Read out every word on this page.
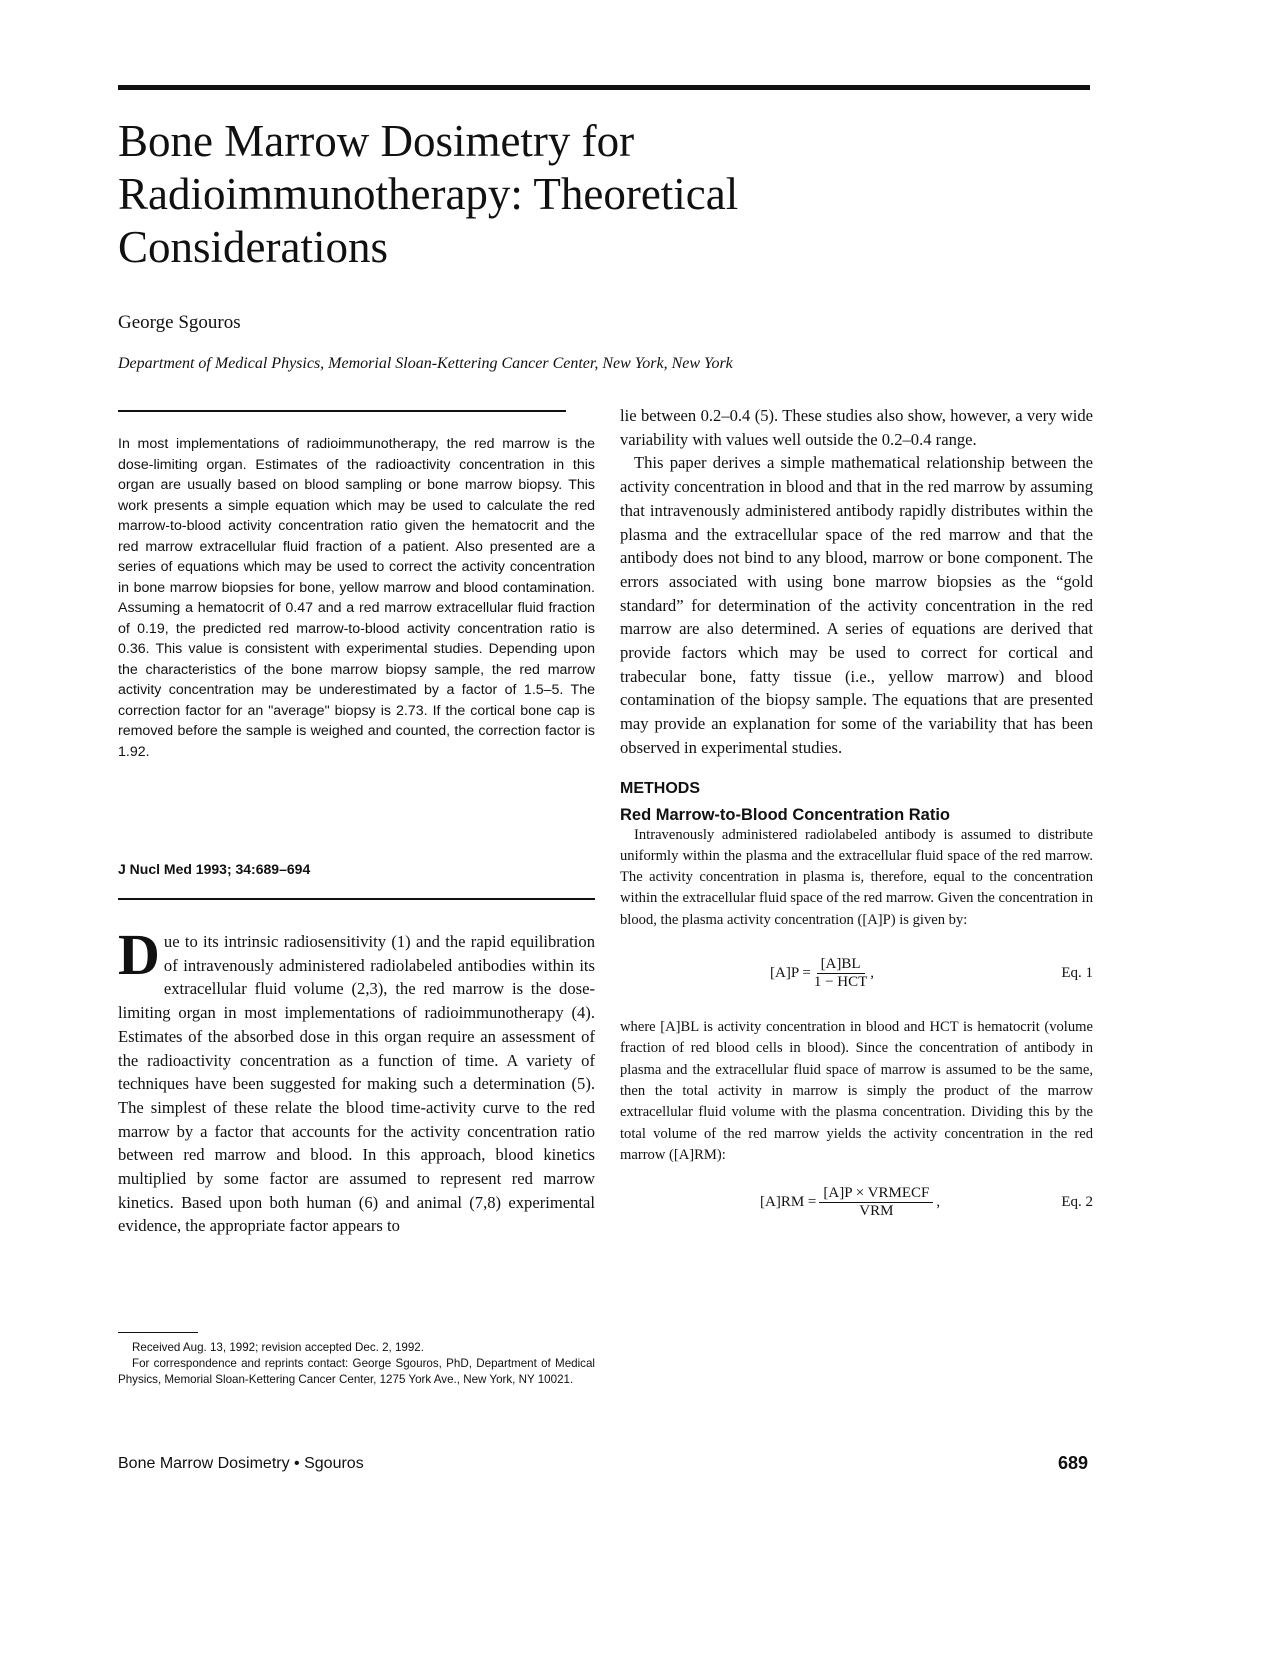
Bone Marrow Dosimetry for Radioimmunotherapy: Theoretical Considerations
George Sgouros
Department of Medical Physics, Memorial Sloan-Kettering Cancer Center, New York, New York

In most implementations of radioimmunotherapy, the red marrow is the dose-limiting organ. Estimates of the radioactivity concentration in this organ are usually based on blood sampling or bone marrow biopsy. This work presents a simple equation which may be used to calculate the red marrow-to-blood activity concentration ratio given the hematocrit and the red marrow extracellular fluid fraction of a patient. Also presented are a series of equations which may be used to correct the activity concentration in bone marrow biopsies for bone, yellow marrow and blood contamination. Assuming a hematocrit of 0.47 and a red marrow extracellular fluid fraction of 0.19, the predicted red marrow-to-blood activity concentration ratio is 0.36. This value is consistent with experimental studies. Depending upon the characteristics of the bone marrow biopsy sample, the red marrow activity concentration may be underestimated by a factor of 1.5–5. The correction factor for an "average" biopsy is 2.73. If the cortical bone cap is removed before the sample is weighed and counted, the correction factor is 1.92.

J Nucl Med 1993; 34:689–694

Due to its intrinsic radiosensitivity (1) and the rapid equilibration of intravenously administered radiolabeled antibodies within its extracellular fluid volume (2,3), the red marrow is the dose-limiting organ in most implementations of radioimmunotherapy (4). Estimates of the absorbed dose in this organ require an assessment of the radioactivity concentration as a function of time. A variety of techniques have been suggested for making such a determination (5). The simplest of these relate the blood time-activity curve to the red marrow by a factor that accounts for the activity concentration ratio between red marrow and blood. In this approach, blood kinetics multiplied by some factor are assumed to represent red marrow kinetics. Based upon both human (6) and animal (7,8) experimental evidence, the appropriate factor appears to

Received Aug. 13, 1992; revision accepted Dec. 2, 1992.

For correspondence and reprints contact: George Sgouros, PhD, Department of Medical Physics, Memorial Sloan-Kettering Cancer Center, 1275 York Ave., New York, NY 10021.

lie between 0.2–0.4 (5). These studies also show, however, a very wide variability with values well outside the 0.2–0.4 range.

This paper derives a simple mathematical relationship between the activity concentration in blood and that in the red marrow by assuming that intravenously administered antibody rapidly distributes within the plasma and the extracellular space of the red marrow and that the antibody does not bind to any blood, marrow or bone component. The errors associated with using bone marrow biopsies as the “gold standard” for determination of the activity concentration in the red marrow are also determined. A series of equations are derived that provide factors which may be used to correct for cortical and trabecular bone, fatty tissue (i.e., yellow marrow) and blood contamination of the biopsy sample. The equations that are presented may provide an explanation for some of the variability that has been observed in experimental studies.

METHODS
Red Marrow-to-Blood Concentration Ratio

Intravenously administered radiolabeled antibody is assumed to distribute uniformly within the plasma and the extracellular fluid space of the red marrow. The activity concentration in plasma is, therefore, equal to the concentration within the extracellular fluid space of the red marrow. Given the concentration in blood, the plasma activity concentration ([A]P) is given by:

$[A]P = \frac{[A]BL}{\text{1 − HCT}}$ ,	Eq. 1

where [A]BL is activity concentration in blood and HCT is hematocrit (volume fraction of red blood cells in blood). Since the concentration of antibody in plasma and the extracellular fluid space of marrow is assumed to be the same, then the total activity in marrow is simply the product of the marrow extracellular fluid volume with the plasma concentration. Dividing this by the total volume of the red marrow yields the activity concentration in the red marrow ([A]RM):

$[A]RM = \frac{\text{[A]P × VRMECF}}{\text{VRM}}$ ,	Eq. 2
Bone Marrow Dosimetry • Sgouros	689
